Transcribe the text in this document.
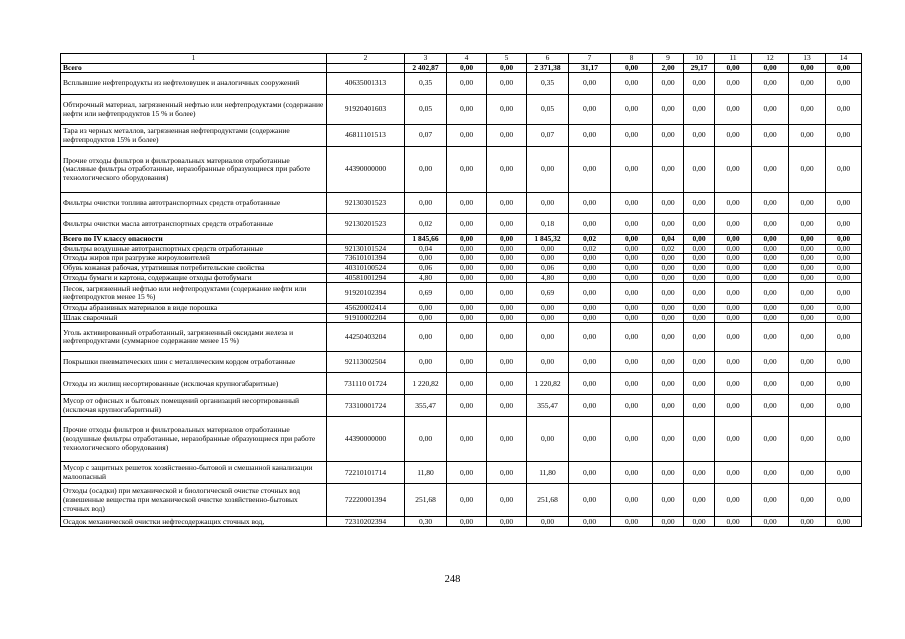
1	2	3	4	5	6	7	8	9	10	11	12	13	14
Всего		2 402,87	0,00	0,00	2 371,38	31,17	0,00	2,00	29,17	0,00	0,00	0,00	0,00
Всплывшие нефтепродукты из нефтеловушек и аналогичных сооружений	40635001313	0,35	0,00	0,00	0,35	0,00	0,00	0,00	0,00	0,00	0,00	0,00	0,00
Обтирочный материал, загрязненный нефтью или нефтепродуктами (содержание нефти или нефтепродуктов 15 % и более)	91920401603	0,05	0,00	0,00	0,05	0,00	0,00	0,00	0,00	0,00	0,00	0,00	0,00
Тара из черных металлов, загрязненная нефтепродуктами (содержание нефтепродуктов 15% и более)	46811101513	0,07	0,00	0,00	0,07	0,00	0,00	0,00	0,00	0,00	0,00	0,00	0,00
Прочие отходы фильтров и фильтровальных материалов отработанные (масляные фильтры отработанные, неразобранные образующиеся при работе технологического оборудования)	44390000000	0,00	0,00	0,00	0,00	0,00	0,00	0,00	0,00	0,00	0,00	0,00	0,00
Фильтры очистки топлива автотранспортных средств отработанные	92130301523	0,00	0,00	0,00	0,00	0,00	0,00	0,00	0,00	0,00	0,00	0,00	0,00
Фильтры очистки масла автотранспортных средств отработанные	92130201523	0,02	0,00	0,00	0,18	0,00	0,00	0,00	0,00	0,00	0,00	0,00	0,00
Всего по IV классу опасности		1 845,66	0,00	0,00	1 845,32	0,02	0,00	0,04	0,00	0,00	0,00	0,00	0,00
Фильтры воздушные автотранспортных средств отработанные	92130101524	0,04	0,00	0,00	0,00	0,02	0,00	0,02	0,00	0,00	0,00	0,00	0,00
Отходы жиров при разгрузке жироуловителей	73610101394	0,00	0,00	0,00	0,00	0,00	0,00	0,00	0,00	0,00	0,00	0,00	0,00
Обувь кожаная рабочая, утратившая потребительские свойства	40310100524	0,06	0,00	0,00	0,06	0,00	0,00	0,00	0,00	0,00	0,00	0,00	0,00
Отходы бумаги и картона, содержащие отходы фотобумаги	40581001294	4,80	0,00	0,00	4,80	0,00	0,00	0,00	0,00	0,00	0,00	0,00	0,00
Песок, загрязненный нефтью или нефтепродуктами (содержание нефти или нефтепродуктов менее 15 %)	91920102394	0,69	0,00	0,00	0,69	0,00	0,00	0,00	0,00	0,00	0,00	0,00	0,00
Отходы абразивных материалов в виде порошка	45620002414	0,00	0,00	0,00	0,00	0,00	0,00	0,00	0,00	0,00	0,00	0,00	0,00
Шлак сварочный	91910002204	0,00	0,00	0,00	0,00	0,00	0,00	0,00	0,00	0,00	0,00	0,00	0,00
Уголь активированный отработанный, загрязненный оксидами железа и нефтепродуктами (суммарное содержание менее 15 %)	44250403204	0,00	0,00	0,00	0,00	0,00	0,00	0,00	0,00	0,00	0,00	0,00	0,00
Покрышки пневматических шин с металлическим кордом отработанные	92113002504	0,00	0,00	0,00	0,00	0,00	0,00	0,00	0,00	0,00	0,00	0,00	0,00
Отходы из жилищ несортированные (исключая крупногабаритные)	731110 01724	1 220,82	0,00	0,00	1 220,82	0,00	0,00	0,00	0,00	0,00	0,00	0,00	0,00
Мусор от офисных и бытовых помещений организаций несортированный (исключая крупногабаритный)	73310001724	355,47	0,00	0,00	355,47	0,00	0,00	0,00	0,00	0,00	0,00	0,00	0,00
Прочие отходы фильтров и фильтровальных материалов отработанные (воздушные фильтры отработанные, неразобранные образующиеся при работе технологического оборудования)	44390000000	0,00	0,00	0,00	0,00	0,00	0,00	0,00	0,00	0,00	0,00	0,00	0,00
Мусор с защитных решеток хозяйственно-бытовой и смешанной канализации малоопасный	72210101714	11,80	0,00	0,00	11,80	0,00	0,00	0,00	0,00	0,00	0,00	0,00	0,00
Отходы (осадки) при механической и биологической очистке сточных вод (взвешенные вещества при механической очистке хозяйственно-бытовых сточных вод)	72220001394	251,68	0,00	0,00	251,68	0,00	0,00	0,00	0,00	0,00	0,00	0,00	0,00
Осадок механической очистки нефтесодержащих сточных вод,	72310202394	0,30	0,00	0,00	0,00	0,00	0,00	0,00	0,00	0,00	0,00	0,00	0,00
248
